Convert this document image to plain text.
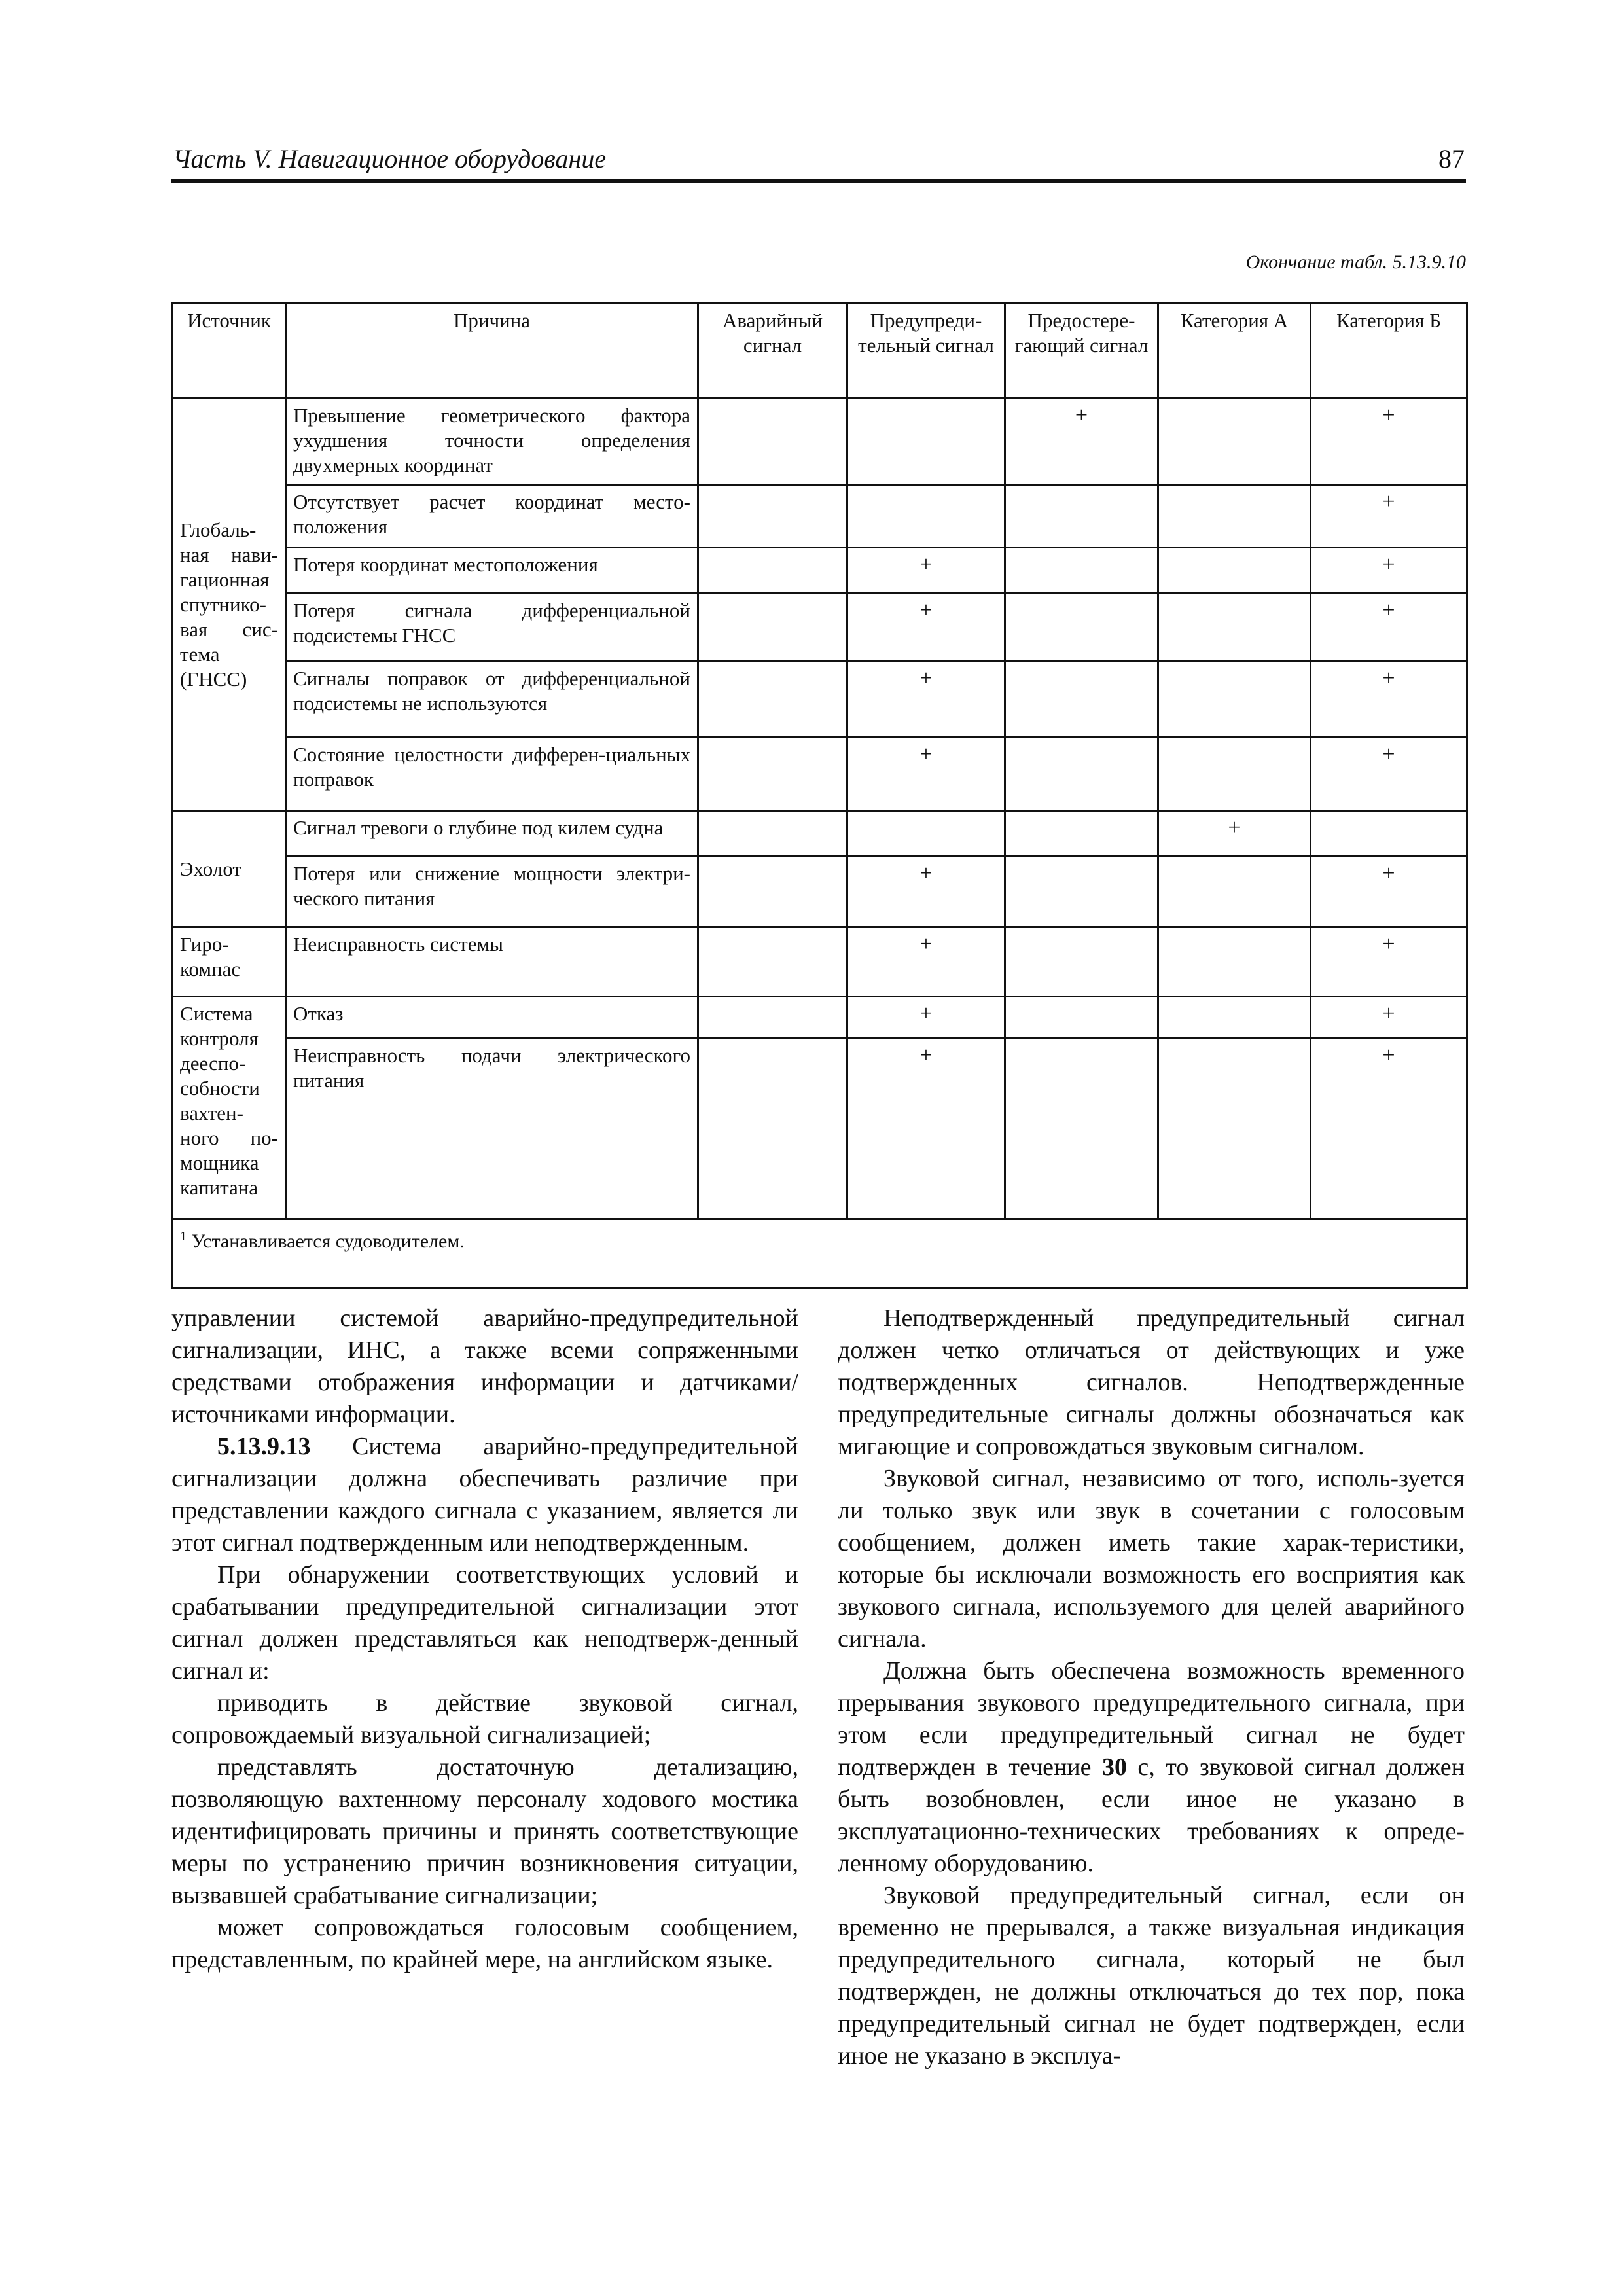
Часть V. Навигационное оборудование	87
Окончание табл. 5.13.9.10
Источник	Причина	Аварийный сигнал	Предупреди-тельный сигнал	Предостере-гающий сигнал	Категория А	Категория Б
Глобаль-ная нави-гационная спутнико-вая сис-тема (ГНСС)	Превышение геометрического фактора ухудшения точности определения двухмерных координат			+		+
	Отсутствует расчет координат место-положения					+
	Потеря координат местоположения		+			+
	Потеря сигнала дифференциальной подсистемы ГНСС		+			+
	Сигналы поправок от дифференциальной подсистемы не используются		+			+
	Состояние целостности дифферен-циальных поправок		+			+
Эхолот	Сигнал тревоги о глубине под килем судна				+	
	Потеря или снижение мощности электри-ческого питания		+			+
Гиро-компас	Неисправность системы		+			+
Система контроля дееспо-собности вахтен-ного по-мощника капитана	Отказ		+			+
	Неисправность подачи электрического питания		+			+
$^1$ Устанавливается судоводителем.						

управлении системой аварийно-предупредительной сигнализации, ИНС, а также всеми сопряженными средствами отображения информации и датчиками/ источниками информации.

5.13.9.13 Система аварийно-предупредительной сигнализации должна обеспечивать различие при представлении каждого сигнала с указанием, является ли этот сигнал подтвержденным или неподтвержденным.

При обнаружении соответствующих условий и срабатывании предупредительной сигнализации этот сигнал должен представляться как неподтверж-денный сигнал и:

приводить в действие звуковой сигнал, сопровождаемый визуальной сигнализацией;

представлять достаточную детализацию, позволяющую вахтенному персоналу ходового мостика идентифицировать причины и принять соответствующие меры по устранению причин возникновения ситуации, вызвавшей срабатывание сигнализации;

может сопровождаться голосовым сообщением, представленным, по крайней мере, на английском языке.

Неподтвержденный предупредительный сигнал должен четко отличаться от действующих и уже подтвержденных сигналов. Неподтвержденные предупредительные сигналы должны обозначаться как мигающие и сопровождаться звуковым сигналом.

Звуковой сигнал, независимо от того, исполь-зуется ли только звук или звук в сочетании с голосовым сообщением, должен иметь такие харак-теристики, которые бы исключали возможность его восприятия как звукового сигнала, используемого для целей аварийного сигнала.

Должна быть обеспечена возможность временного прерывания звукового предупредительного сигнала, при этом если предупредительный сигнал не будет подтвержден в течение 30 с, то звуковой сигнал должен быть возобновлен, если иное не указано в эксплуатационно-технических требованиях к опреде-ленному оборудованию.

Звуковой предупредительный сигнал, если он временно не прерывался, а также визуальная индикация предупредительного сигнала, который не был подтвержден, не должны отключаться до тех пор, пока предупредительный сигнал не будет подтвержден, если иное не указано в эксплуа-
